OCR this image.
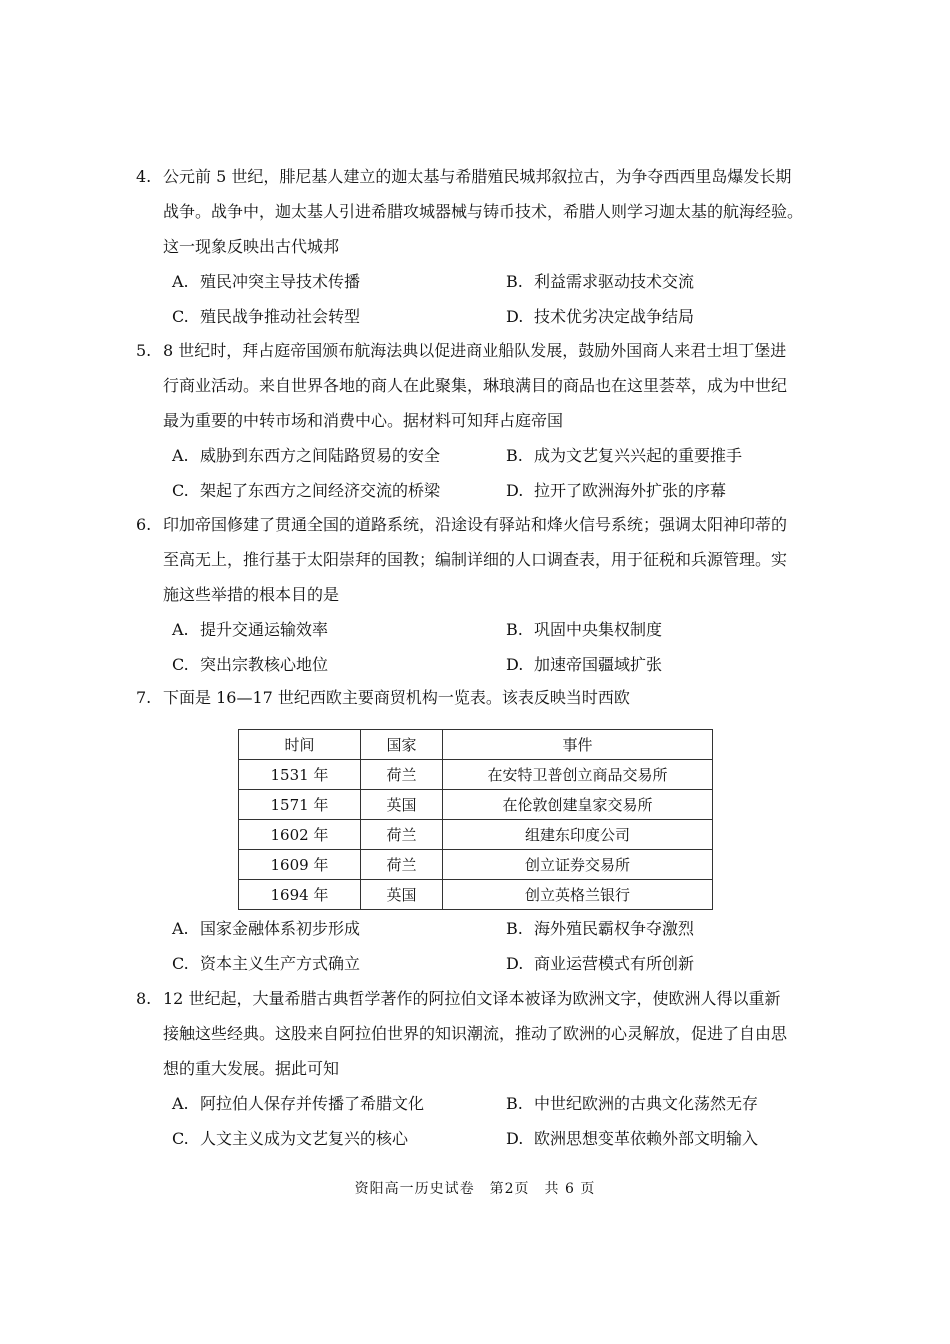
4. 公元前 5 世纪，腓尼基人建立的迦太基与希腊殖民城邦叙拉古，为争夺西西里岛爆发长期
战争。战争中，迦太基人引进希腊攻城器械与铸币技术，希腊人则学习迦太基的航海经验。
这一现象反映出古代城邦
A. 殖民冲突主导技术传播	B. 利益需求驱动技术交流
C. 殖民战争推动社会转型	D. 技术优劣决定战争结局
5. 8 世纪时，拜占庭帝国颁布航海法典以促进商业船队发展，鼓励外国商人来君士坦丁堡进
行商业活动。来自世界各地的商人在此聚集，琳琅满目的商品也在这里荟萃，成为中世纪
最为重要的中转市场和消费中心。据材料可知拜占庭帝国
A. 威胁到东西方之间陆路贸易的安全	B. 成为文艺复兴兴起的重要推手
C. 架起了东西方之间经济交流的桥梁	D. 拉开了欧洲海外扩张的序幕
6. 印加帝国修建了贯通全国的道路系统，沿途设有驿站和烽火信号系统；强调太阳神印蒂的
至高无上，推行基于太阳崇拜的国教；编制详细的人口调查表，用于征税和兵源管理。实
施这些举措的根本目的是
A. 提升交通运输效率	B. 巩固中央集权制度
C. 突出宗教核心地位	D. 加速帝国疆域扩张
7. 下面是 16—17 世纪西欧主要商贸机构一览表。该表反映当时西欧
时间	国家	事件
1531 年	荷兰	在安特卫普创立商品交易所
1571 年	英国	在伦敦创建皇家交易所
1602 年	荷兰	组建东印度公司
1609 年	荷兰	创立证券交易所
1694 年	英国	创立英格兰银行
A. 国家金融体系初步形成	B. 海外殖民霸权争夺激烈
C. 资本主义生产方式确立	D. 商业运营模式有所创新
8. 12 世纪起，大量希腊古典哲学著作的阿拉伯文译本被译为欧洲文字，使欧洲人得以重新
接触这些经典。这股来自阿拉伯世界的知识潮流，推动了欧洲的心灵解放，促进了自由思
想的重大发展。据此可知
A. 阿拉伯人保存并传播了希腊文化	B. 中世纪欧洲的古典文化荡然无存
C. 人文主义成为文艺复兴的核心	D. 欧洲思想变革依赖外部文明输入
资阳高一历史试卷　第2页　共 6 页
